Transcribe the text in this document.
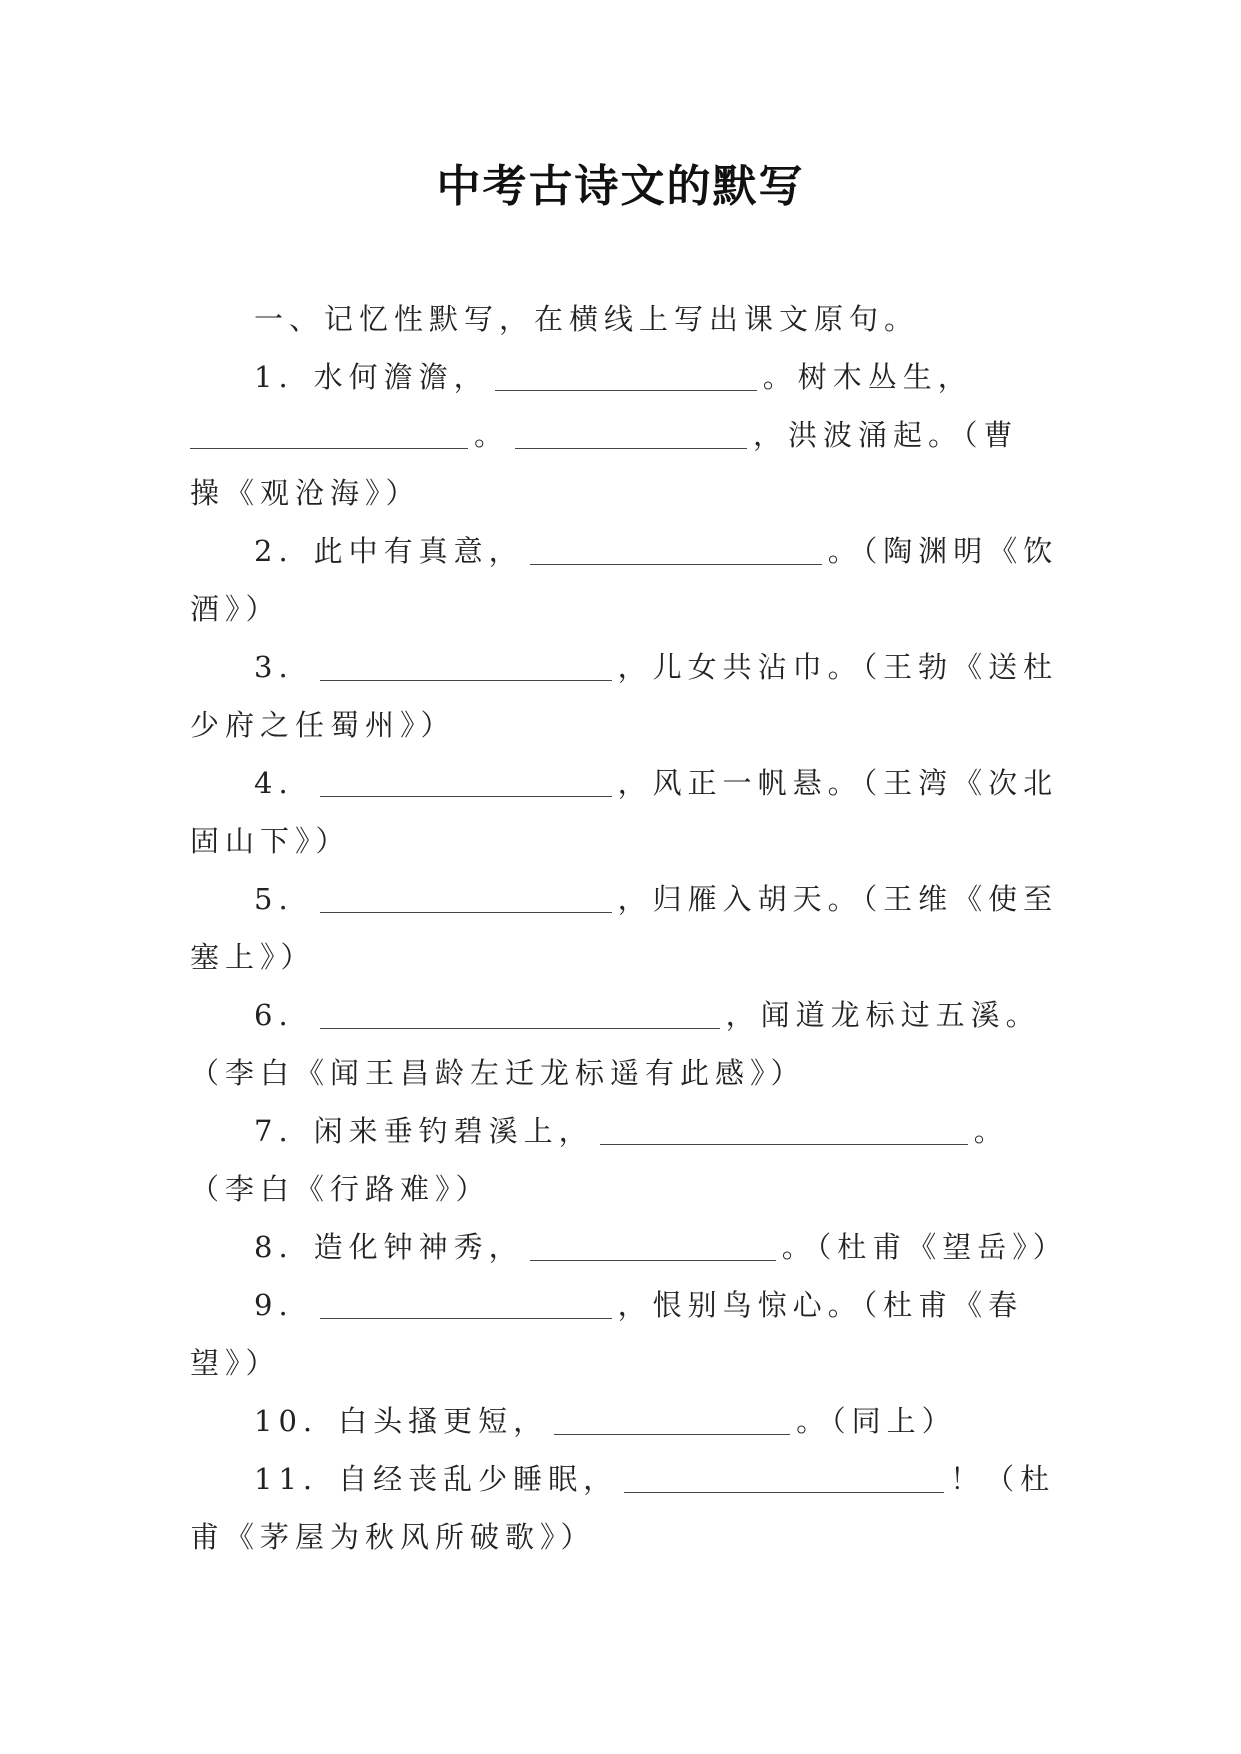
中考古诗文的默写
一、记忆性默写，在横线上写出课文原句。
1. 水何澹澹，	。树木丛生，
。	，洪波涌起。（曹
操《观沧海》）
2. 此中有真意，	。（陶渊明《饮
酒》）
3.	，儿女共沾巾。（王勃《送杜
少府之任蜀州》）
4.	，风正一帆悬。（王湾《次北
固山下》）
5.	，归雁入胡天。（王维《使至
塞上》）
6.	，闻道龙标过五溪。
（李白《闻王昌龄左迁龙标遥有此感》）
7. 闲来垂钓碧溪上，	。
（李白《行路难》）
8. 造化钟神秀，	。（杜甫《望岳》）
9.	，恨别鸟惊心。（杜甫《春
望》）
10. 白头搔更短，	。（同上）
11. 自经丧乱少睡眠，	！（杜
甫《茅屋为秋风所破歌》）
